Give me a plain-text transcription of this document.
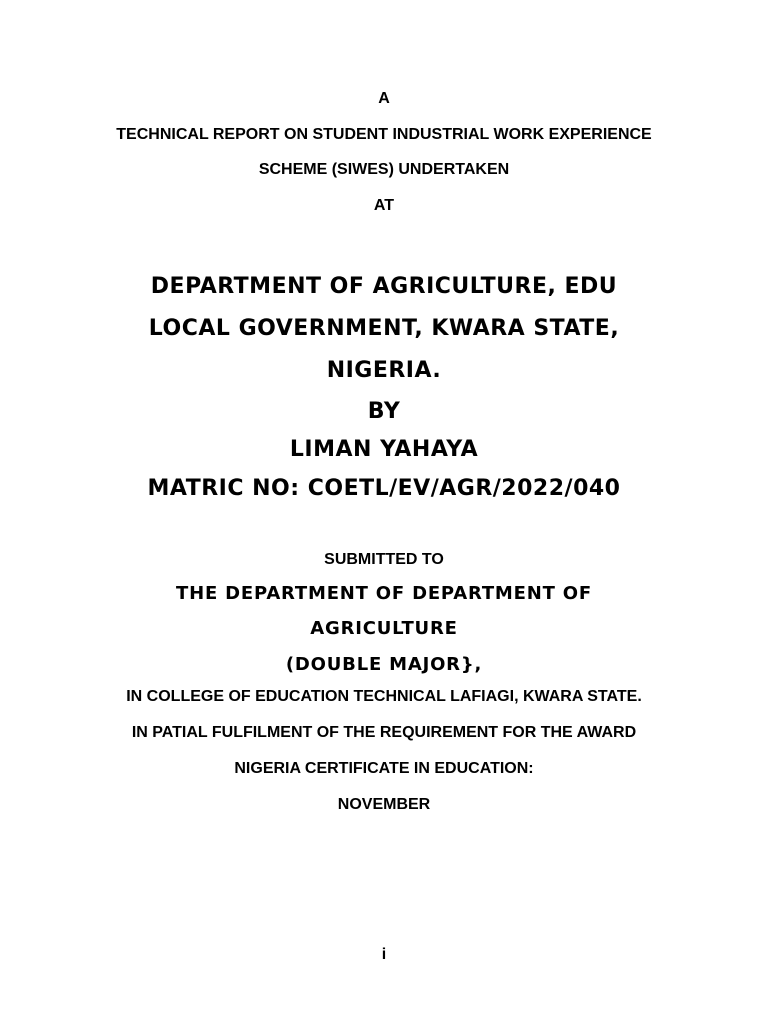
A
TECHNICAL REPORT ON STUDENT INDUSTRIAL WORK EXPERIENCE
SCHEME (SIWES) UNDERTAKEN
AT
DEPARTMENT OF AGRICULTURE, EDU
LOCAL GOVERNMENT, KWARA STATE,
NIGERIA.
BY
LIMAN YAHAYA
MATRIC NO: COETL/EV/AGR/2022/040
SUBMITTED TO
THE DEPARTMENT OF DEPARTMENT OF
AGRICULTURE
(DOUBLE MAJOR},
IN COLLEGE OF EDUCATION TECHNICAL LAFIAGI, KWARA STATE.
IN PATIAL FULFILMENT OF THE REQUIREMENT FOR THE AWARD
NIGERIA CERTIFICATE IN EDUCATION:
NOVEMBER
i
